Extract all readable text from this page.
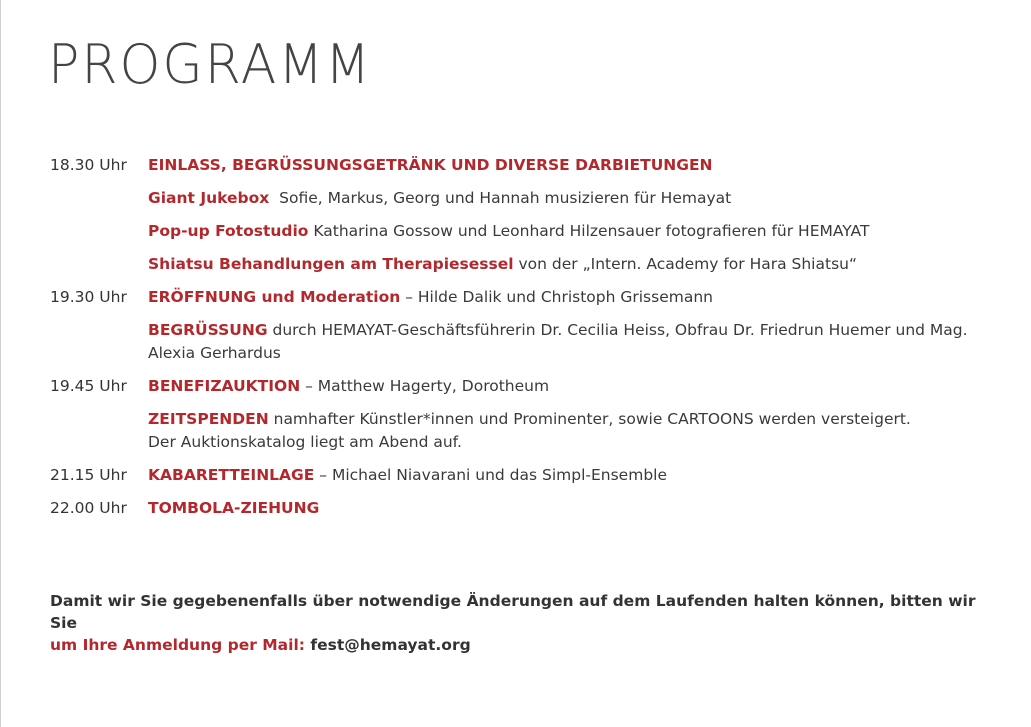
PROGRAMM
18.30 Uhr	EINLASS, BEGRÜSSUNGSGETRÄNK UND DIVERSE DARBIETUNGEN
Giant Jukebox  Sofie, Markus, Georg und Hannah musizieren für Hemayat
Pop-up Fotostudio Katharina Gossow und Leonhard Hilzensauer fotografieren für HEMAYAT
Shiatsu Behandlungen am Therapiesessel von der „Intern. Academy for Hara Shiatsu“
19.30 Uhr	ERÖFFNUNG und Moderation – Hilde Dalik und Christoph Grissemann
BEGRÜSSUNG durch HEMAYAT-Geschäftsführerin Dr. Cecilia Heiss, Obfrau Dr. Friedrun Huemer und Mag. Alexia Gerhardus
19.45 Uhr	BENEFIZAUKTION – Matthew Hagerty, Dorotheum
ZEITSPENDEN namhafter Künstler*innen und Prominenter, sowie CARTOONS werden versteigert.
Der Auktionskatalog liegt am Abend auf.
21.15 Uhr	KABARETTEINLAGE – Michael Niavarani und das Simpl-Ensemble
22.00 Uhr	TOMBOLA-ZIEHUNG
Damit wir Sie gegebenenfalls über notwendige Änderungen auf dem Laufenden halten können, bitten wir Sie
um Ihre Anmeldung per Mail: fest@hemayat.org
